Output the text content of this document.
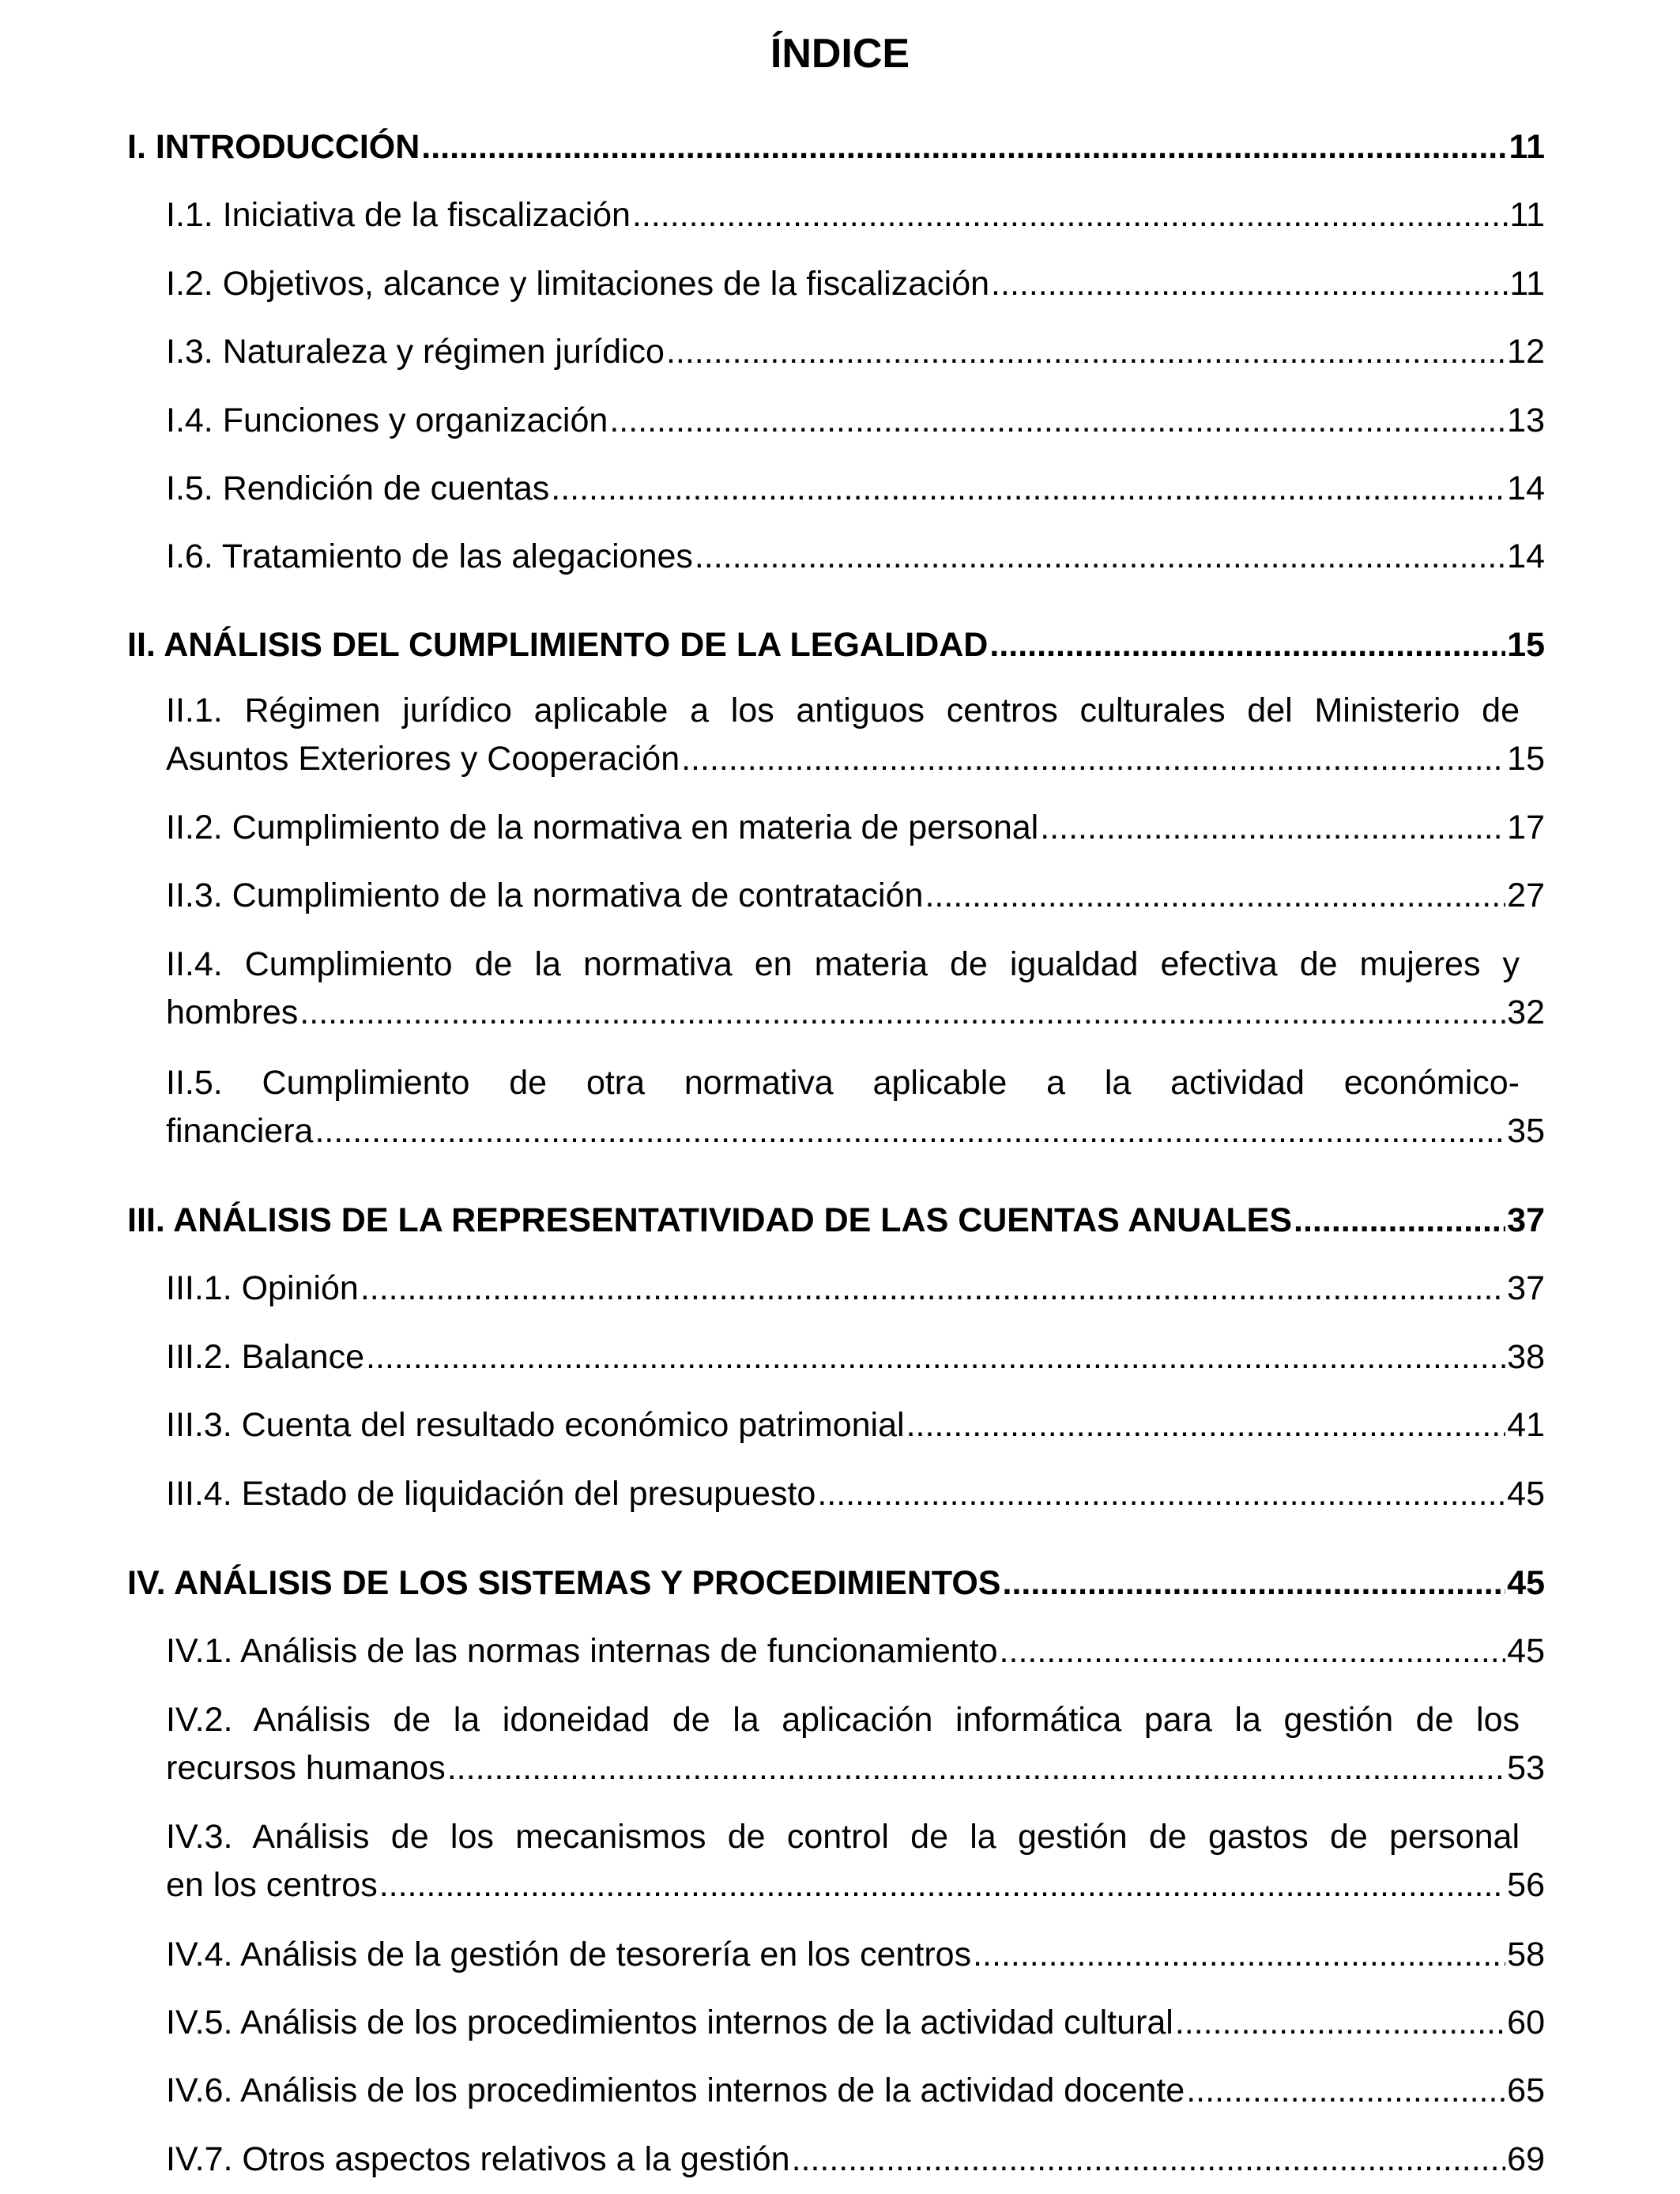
ÍNDICE
I. INTRODUCCIÓN .....	11
I.1. Iniciativa de la fiscalización .....	11
I.2. Objetivos, alcance y limitaciones de la fiscalización .....	11
I.3. Naturaleza y régimen jurídico .....	12
I.4. Funciones y organización .....	13
I.5. Rendición de cuentas .....	14
I.6. Tratamiento de las alegaciones .....	14
II. ANÁLISIS DEL CUMPLIMIENTO DE LA LEGALIDAD .....	15
II.1. Régimen jurídico aplicable a los antiguos centros culturales del Ministerio de
Asuntos Exteriores y Cooperación .....	15
II.2. Cumplimiento de la normativa en materia de personal .....	17
II.3. Cumplimiento de la normativa de contratación .....	27
II.4. Cumplimiento de la normativa en materia de igualdad efectiva de mujeres y
hombres .....	32
II.5. Cumplimiento de otra normativa aplicable a la actividad económico-
financiera .....	35
III. ANÁLISIS DE LA REPRESENTATIVIDAD DE LAS CUENTAS ANUALES .....	37
III.1. Opinión .....	37
III.2. Balance .....	38
III.3. Cuenta del resultado económico patrimonial .....	41
III.4. Estado de liquidación del presupuesto .....	45
IV. ANÁLISIS DE LOS SISTEMAS Y PROCEDIMIENTOS .....	45
IV.1. Análisis de las normas internas de funcionamiento .....	45
IV.2. Análisis de la idoneidad de la aplicación informática para la gestión de los
recursos humanos .....	53
IV.3. Análisis de los mecanismos de control de la gestión de gastos de personal
en los centros .....	56
IV.4. Análisis de la gestión de tesorería en los centros .....	58
IV.5. Análisis de los procedimientos internos de la actividad cultural .....	60
IV.6. Análisis de los procedimientos internos de la actividad docente .....	65
IV.7. Otros aspectos relativos a la gestión .....	69
